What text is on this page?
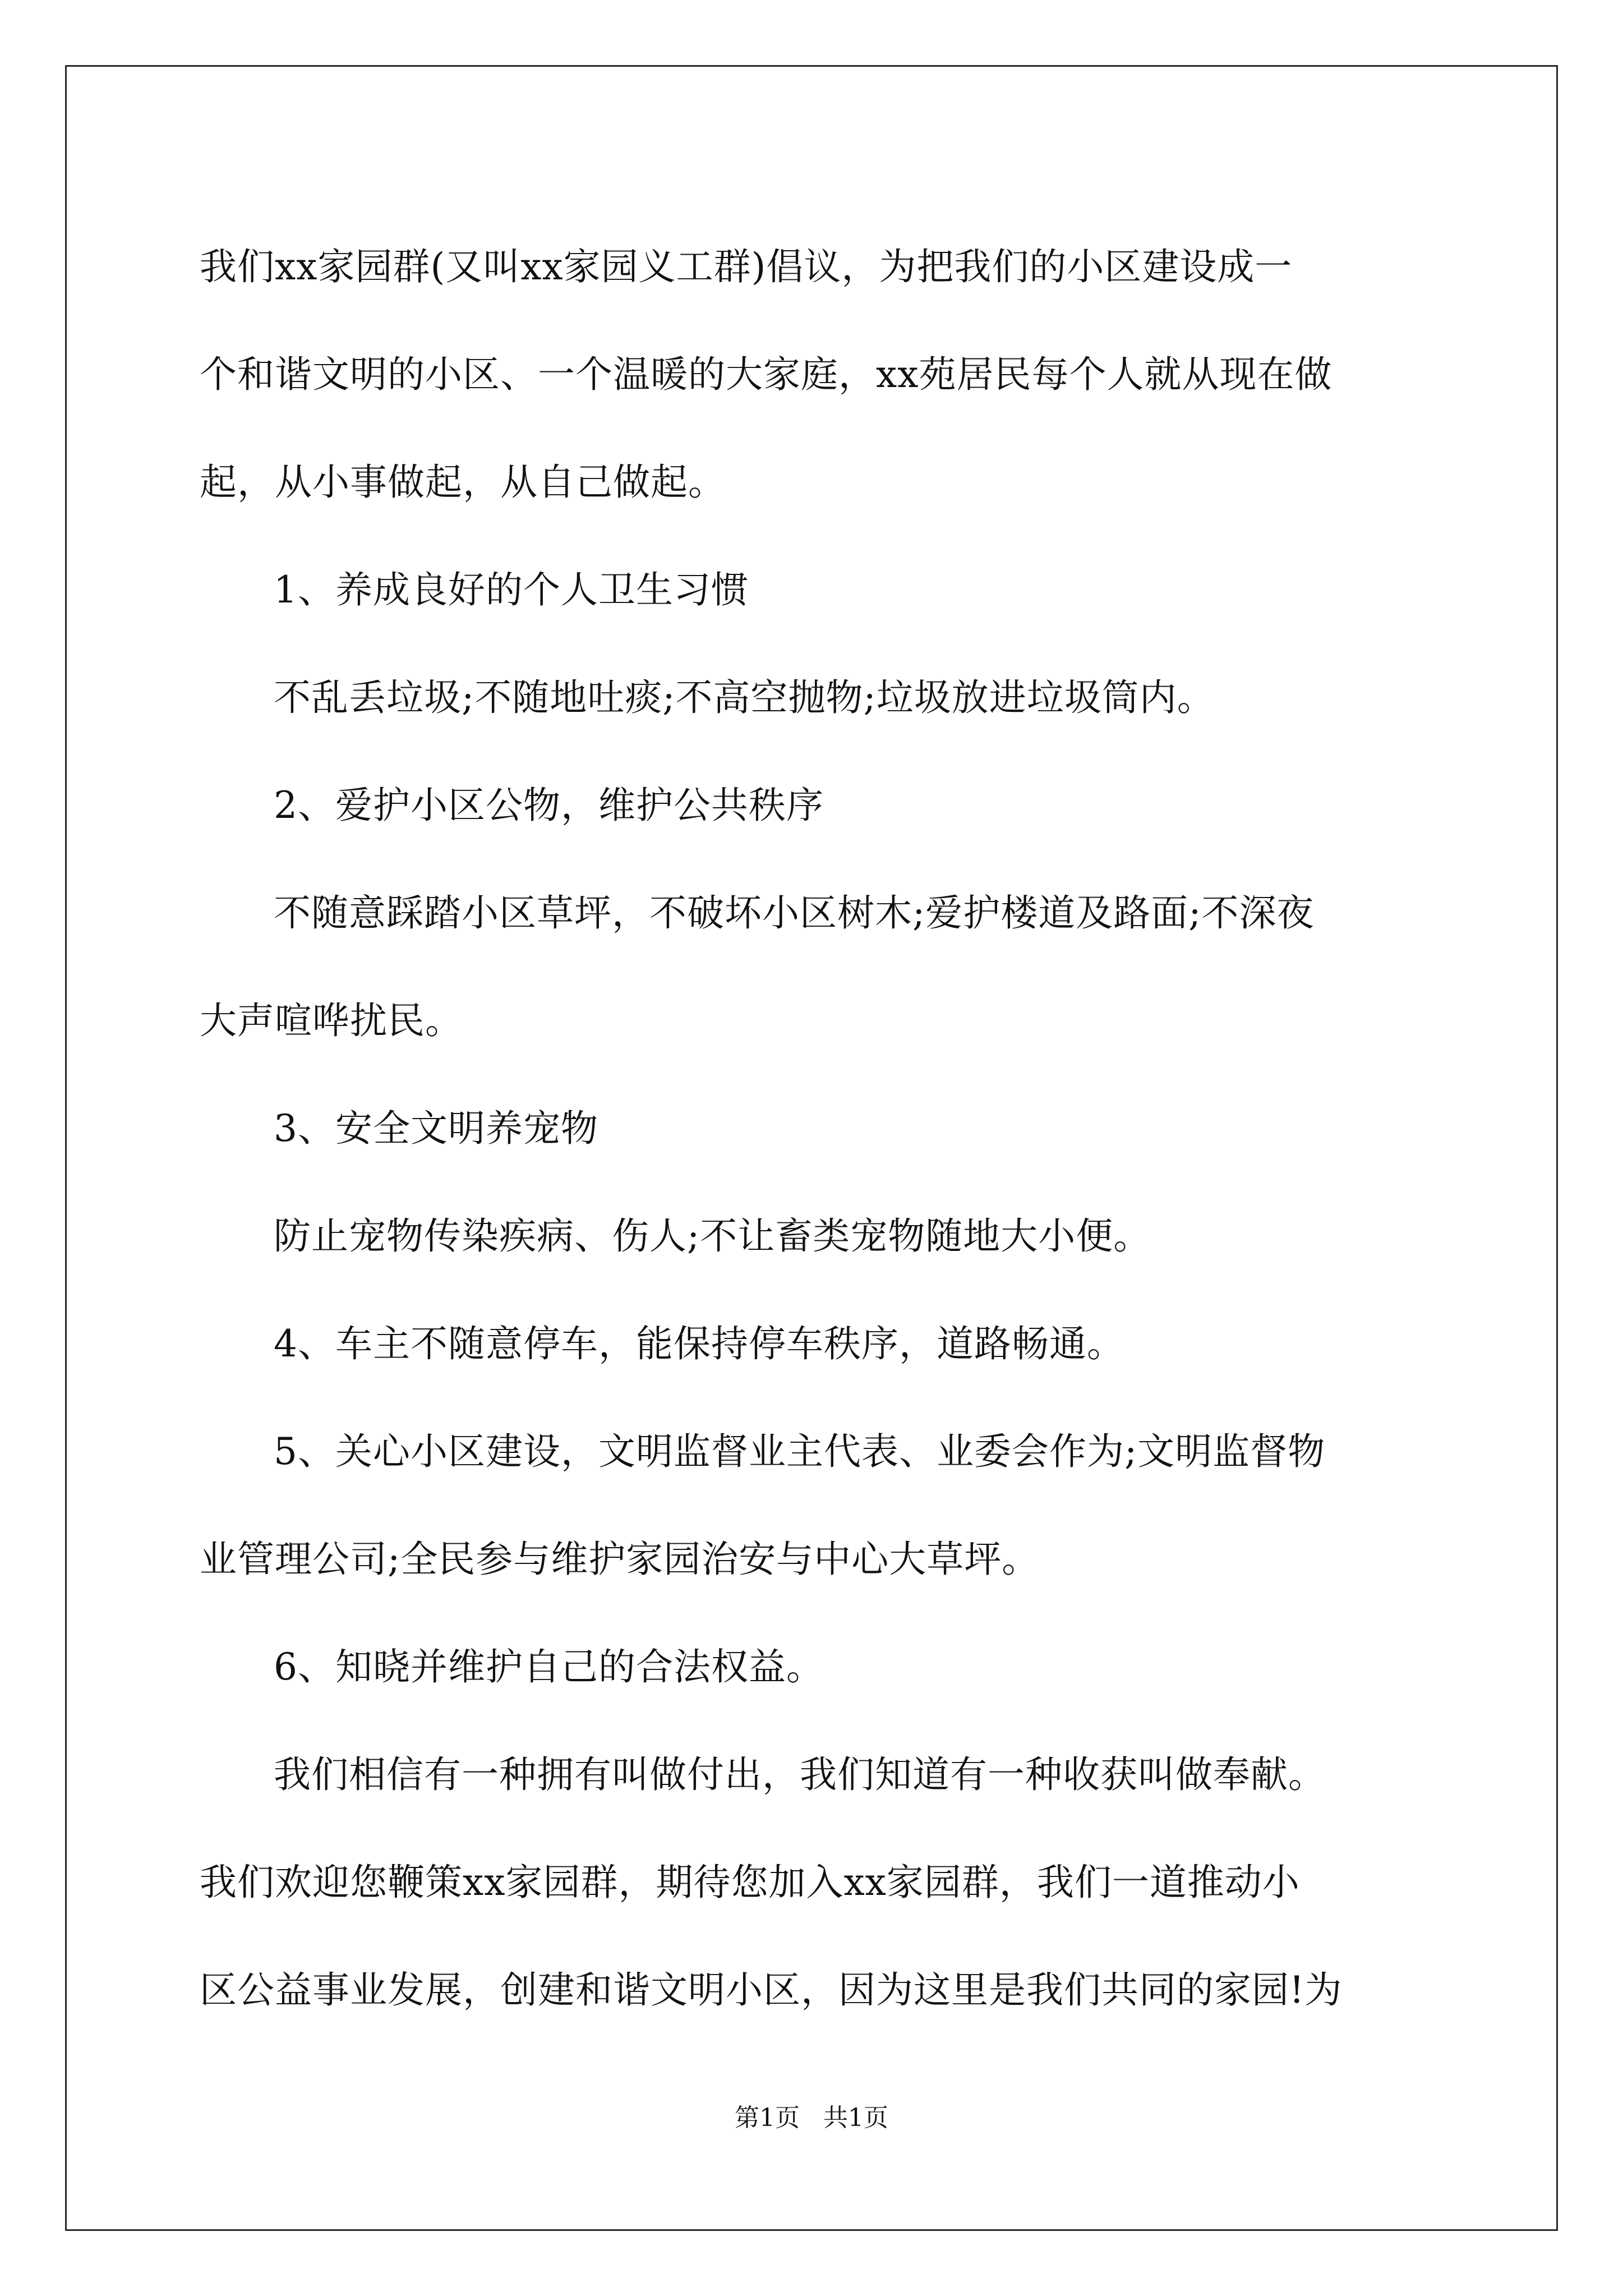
我们xx家园群(又叫xx家园义工群)倡议，为把我们的小区建设成一
个和谐文明的小区、一个温暖的大家庭，xx苑居民每个人就从现在做
起，从小事做起，从自己做起。

1、养成良好的个人卫生习惯

不乱丢垃圾;不随地吐痰;不高空抛物;垃圾放进垃圾筒内。

2、爱护小区公物，维护公共秩序

不随意踩踏小区草坪，不破坏小区树木;爱护楼道及路面;不深夜
大声喧哗扰民。

3、安全文明养宠物

防止宠物传染疾病、伤人;不让畜类宠物随地大小便。

4、车主不随意停车，能保持停车秩序，道路畅通。

5、关心小区建设，文明监督业主代表、业委会作为;文明监督物
业管理公司;全民参与维护家园治安与中心大草坪。

6、知晓并维护自己的合法权益。

我们相信有一种拥有叫做付出，我们知道有一种收获叫做奉献。
我们欢迎您鞭策xx家园群，期待您加入xx家园群，我们一道推动小
区公益事业发展，创建和谐文明小区，因为这里是我们共同的家园!为

第1页 共1页
